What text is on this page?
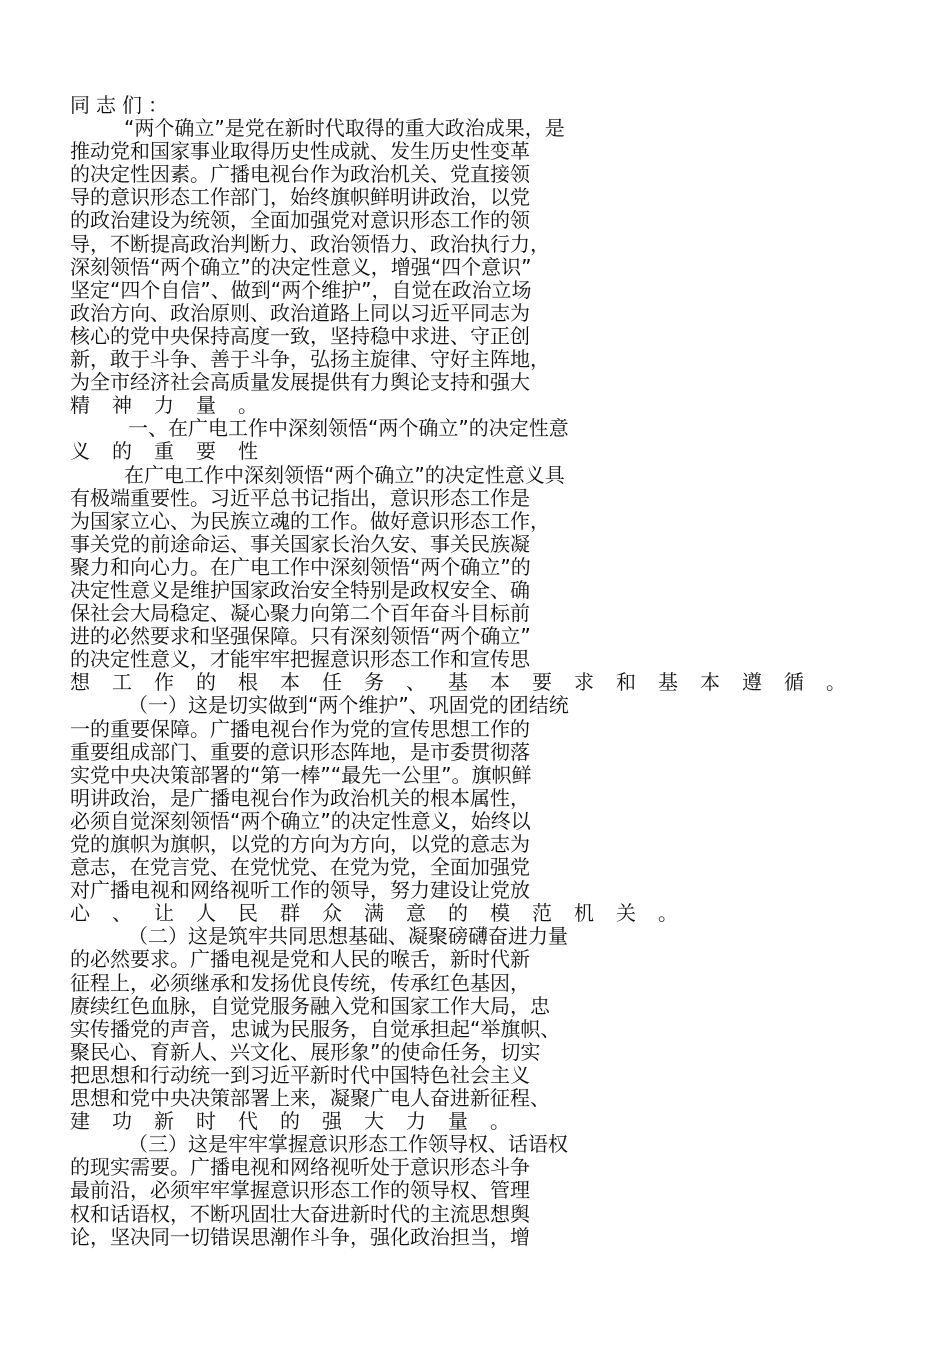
同志们：
“两个确立”是党在新时代取得的重大政治成果，是
推动党和国家事业取得历史性成就、发生历史性变革
的决定性因素。广播电视台作为政治机关、党直接领
导的意识形态工作部门，始终旗帜鲜明讲政治，以党
的政治建设为统领，全面加强党对意识形态工作的领
导，不断提高政治判断力、政治领悟力、政治执行力，
深刻领悟“两个确立”的决定性意义，增强“四个意识”
坚定“四个自信”、做到“两个维护”，自觉在政治立场
政治方向、政治原则、政治道路上同以习近平同志为
核心的党中央保持高度一致，坚持稳中求进、守正创
新，敢于斗争、善于斗争，弘扬主旋律、守好主阵地，
为全市经济社会高质量发展提供有力舆论支持和强大
精神力量。
一、在广电工作中深刻领悟“两个确立”的决定性意
义的重要性
在广电工作中深刻领悟“两个确立”的决定性意义具
有极端重要性。习近平总书记指出，意识形态工作是
为国家立心、为民族立魂的工作。做好意识形态工作，
事关党的前途命运、事关国家长治久安、事关民族凝
聚力和向心力。在广电工作中深刻领悟“两个确立”的
决定性意义是维护国家政治安全特别是政权安全、确
保社会大局稳定、凝心聚力向第二个百年奋斗目标前
进的必然要求和坚强保障。只有深刻领悟“两个确立”
的决定性意义，才能牢牢把握意识形态工作和宣传思
想工作的根本任务、基本要求和基本遵循。
（一）这是切实做到“两个维护”、巩固党的团结统
一的重要保障。广播电视台作为党的宣传思想工作的
重要组成部门、重要的意识形态阵地，是市委贯彻落
实党中央决策部署的“第一棒”“最先一公里”。旗帜鲜
明讲政治，是广播电视台作为政治机关的根本属性，
必须自觉深刻领悟“两个确立”的决定性意义，始终以
党的旗帜为旗帜，以党的方向为方向，以党的意志为
意志，在党言党、在党忧党、在党为党，全面加强党
对广播电视和网络视听工作的领导，努力建设让党放
心、让人民群众满意的模范机关。
（二）这是筑牢共同思想基础、凝聚磅礴奋进力量
的必然要求。广播电视是党和人民的喉舌，新时代新
征程上，必须继承和发扬优良传统，传承红色基因，
赓续红色血脉，自觉党服务融入党和国家工作大局，忠
实传播党的声音，忠诚为民服务，自觉承担起“举旗帜、
聚民心、育新人、兴文化、展形象”的使命任务，切实
把思想和行动统一到习近平新时代中国特色社会主义
思想和党中央决策部署上来，凝聚广电人奋进新征程、
建功新时代的强大力量。
（三）这是牢牢掌握意识形态工作领导权、话语权
的现实需要。广播电视和网络视听处于意识形态斗争
最前沿，必须牢牢掌握意识形态工作的领导权、管理
权和话语权，不断巩固壮大奋进新时代的主流思想舆
论，坚决同一切错误思潮作斗争，强化政治担当，增
